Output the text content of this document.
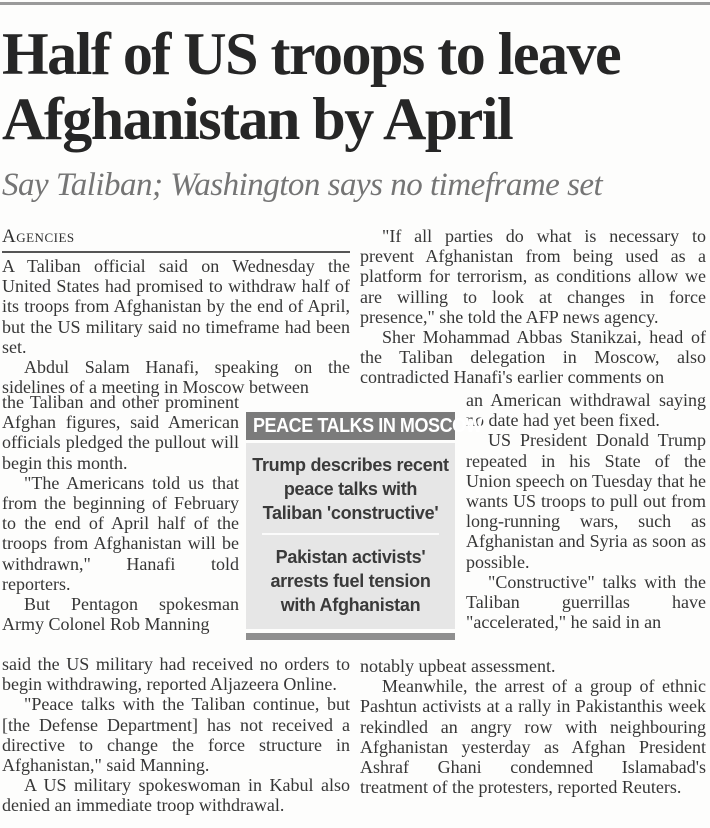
Half of US troops to leave
Afghanistan by April
Say Taliban; Washington says no timeframe set
Agencies

A Taliban official said on Wednesday the United States had promised to withdraw half of its troops from Afghanistan by the end of April, but the US military said no timeframe had been set.

Abdul Salam Hanafi, speaking on the sidelines of a meeting in Moscow between

the Taliban and other prominent Afghan figures, said American officials pledged the pullout will begin this month.

"The Americans told us that from the beginning of February to the end of April half of the troops from Afghanistan will be withdrawn," Hanafi told reporters.

But Pentagon spokesman Army Colonel Rob Manning

said the US military had received no orders to begin withdrawing, reported Aljazeera Online.

"Peace talks with the Taliban continue, but [the Defense Department] has not received a directive to change the force structure in Afghanistan," said Manning.

A US military spokeswoman in Kabul also denied an immediate troop withdrawal.

"If all parties do what is necessary to prevent Afghanistan from being used as a platform for terrorism, as conditions allow we are willing to look at changes in force presence," she told the AFP news agency.

Sher Mohammad Abbas Stanikzai, head of the Taliban delegation in Moscow, also contradicted Hanafi's earlier comments on

an American withdrawal saying no date had yet been fixed.

US President Donald Trump repeated in his State of the Union speech on Tuesday that he wants US troops to pull out from long-running wars, such as Afghanistan and Syria as soon as possible.

"Constructive" talks with the Taliban guerrillas have "accelerated," he said in an

notably upbeat assessment.

Meanwhile, the arrest of a group of ethnic Pashtun activists at a rally in Pakistanthis week rekindled an angry row with neighbouring Afghanistan yesterday as Afghan President Ashraf Ghani condemned Islamabad's treatment of the protesters, reported Reuters.

PEACE TALKS IN MOSCOW
Trump describes recent peace talks with Taliban 'constructive'
Pakistan activists' arrests fuel tension with Afghanistan
